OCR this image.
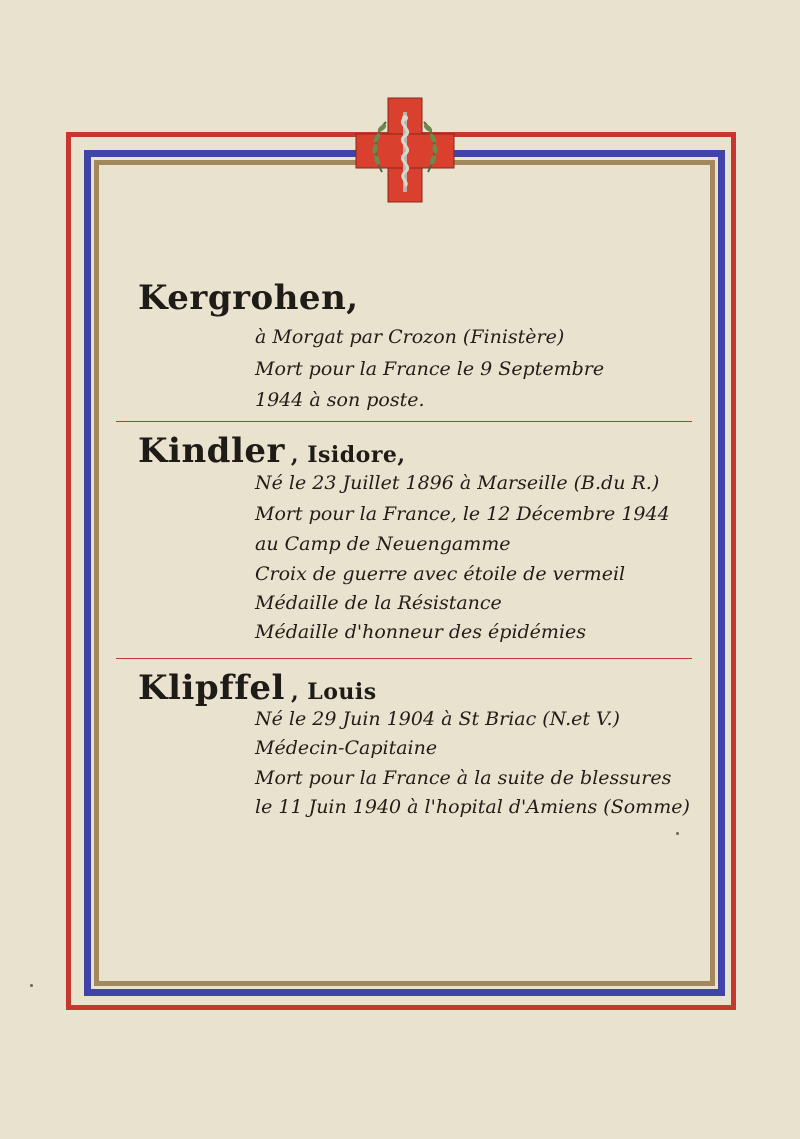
Kergrohen,
à Morgat par Crozon (Finistère)
Mort pour la France le 9 Septembre
1944 à son poste.
Kindler , Isidore,
Né le 23 Juillet 1896 à Marseille (B.du R.)
Mort pour la France, le 12 Décembre 1944
au Camp de Neuengamme
Croix de guerre avec étoile de vermeil
Médaille de la Résistance
Médaille d'honneur des épidémies
Klipffel , Louis
Né le 29 Juin 1904 à St Briac (N.et V.)
Médecin-Capitaine
Mort pour la France à la suite de blessures
le 11 Juin 1940 à l'hopital d'Amiens (Somme)
